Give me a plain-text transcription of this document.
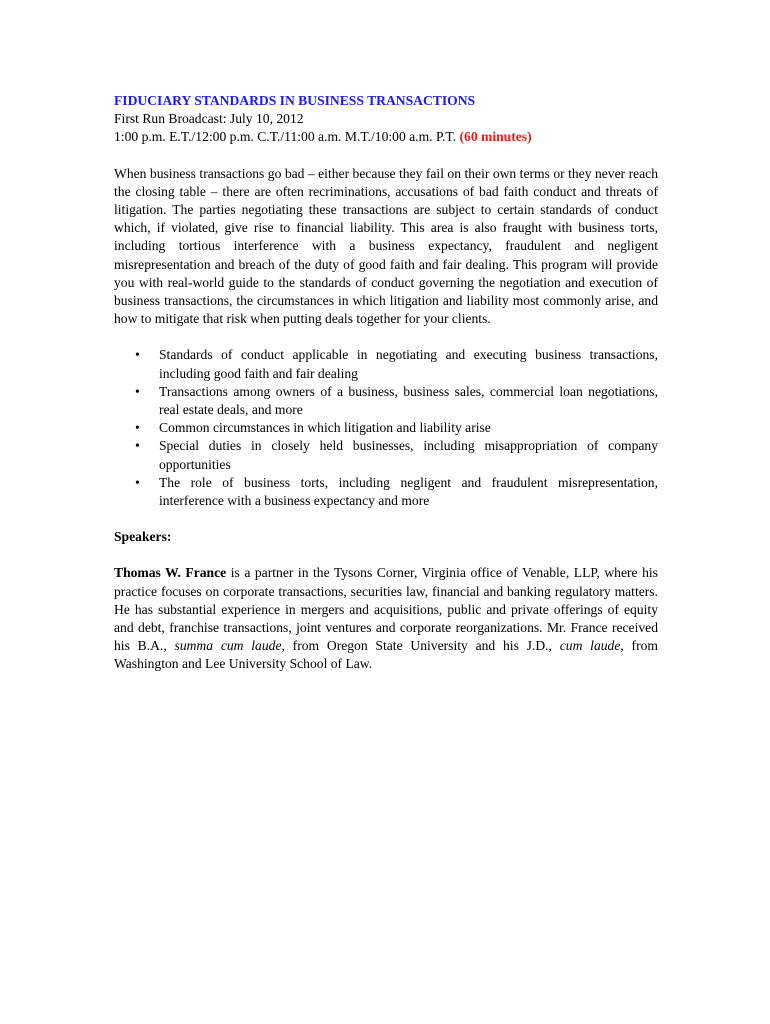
FIDUCIARY STANDARDS IN BUSINESS TRANSACTIONS

First Run Broadcast: July 10, 2012

1:00 p.m. E.T./12:00 p.m. C.T./11:00 a.m. M.T./10:00 a.m. P.T. (60 minutes)

When business transactions go bad – either because they fail on their own terms or they never reach the closing table – there are often recriminations, accusations of bad faith conduct and threats of litigation. The parties negotiating these transactions are subject to certain standards of conduct which, if violated, give rise to financial liability. This area is also fraught with business torts, including tortious interference with a business expectancy, fraudulent and negligent misrepresentation and breach of the duty of good faith and fair dealing. This program will provide you with real-world guide to the standards of conduct governing the negotiation and execution of business transactions, the circumstances in which litigation and liability most commonly arise, and how to mitigate that risk when putting deals together for your clients.

• Standards of conduct applicable in negotiating and executing business transactions, including good faith and fair dealing
• Transactions among owners of a business, business sales, commercial loan negotiations, real estate deals, and more
• Common circumstances in which litigation and liability arise
• Special duties in closely held businesses, including misappropriation of company opportunities
• The role of business torts, including negligent and fraudulent misrepresentation, interference with a business expectancy and more

Speakers:

Thomas W. France is a partner in the Tysons Corner, Virginia office of Venable, LLP, where his practice focuses on corporate transactions, securities law, financial and banking regulatory matters. He has substantial experience in mergers and acquisitions, public and private offerings of equity and debt, franchise transactions, joint ventures and corporate reorganizations. Mr. France received his B.A., summa cum laude, from Oregon State University and his J.D., cum laude, from Washington and Lee University School of Law.
